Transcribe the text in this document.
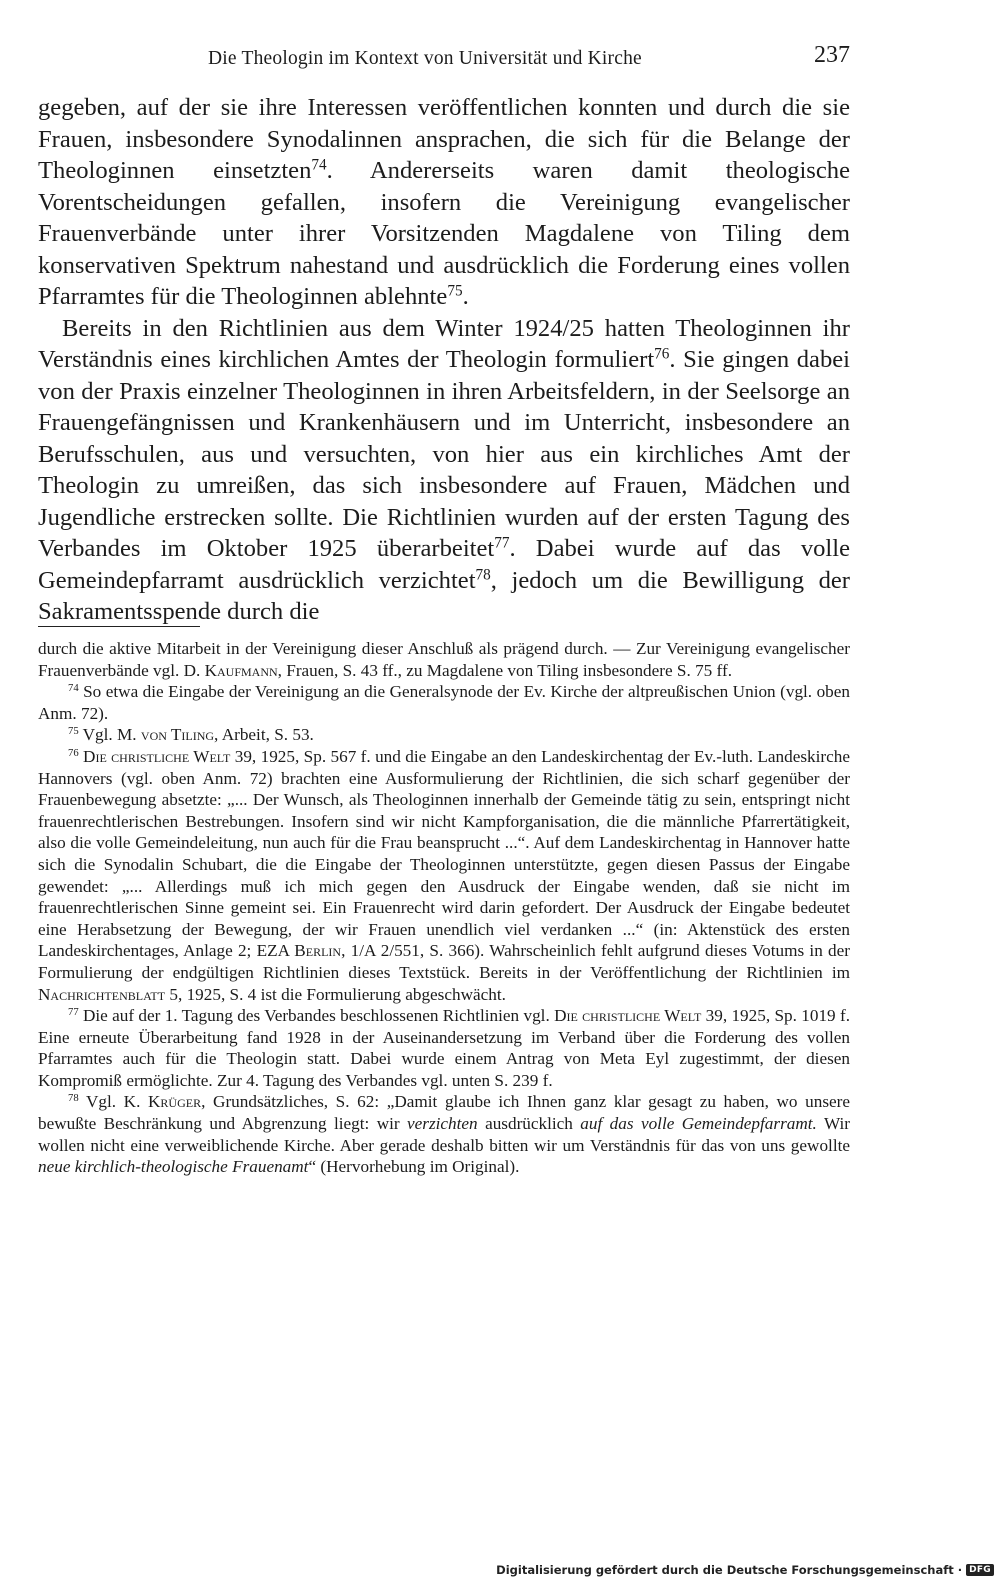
Die Theologin im Kontext von Universität und Kirche	237

gegeben, auf der sie ihre Interessen veröffentlichen konnten und durch die sie Frauen, insbesondere Synodalinnen ansprachen, die sich für die Belange der Theologinnen einsetzten$^{74}$. Andererseits waren damit theologische Vorentscheidungen gefallen, insofern die Vereinigung evangelischer Frauenverbände unter ihrer Vorsitzenden Magdalene von Tiling dem konservativen Spektrum nahestand und ausdrücklich die Forderung eines vollen Pfarramtes für die Theologinnen ablehnte$^{75}$.

Bereits in den Richtlinien aus dem Winter 1924/25 hatten Theologinnen ihr Verständnis eines kirchlichen Amtes der Theologin formuliert$^{76}$. Sie gingen dabei von der Praxis einzelner Theologinnen in ihren Arbeitsfeldern, in der Seelsorge an Frauengefängnissen und Krankenhäusern und im Unterricht, insbesondere an Berufsschulen, aus und versuchten, von hier aus ein kirchliches Amt der Theologin zu umreißen, das sich insbesondere auf Frauen, Mädchen und Jugendliche erstrecken sollte. Die Richtlinien wurden auf der ersten Tagung des Verbandes im Oktober 1925 überarbeitet$^{77}$. Dabei wurde auf das volle Gemeindepfarramt ausdrücklich verzichtet$^{78}$, jedoch um die Bewilligung der Sakramentsspende durch die

durch die aktive Mitarbeit in der Vereinigung dieser Anschluß als prägend durch. — Zur Vereinigung evangelischer Frauenverbände vgl. D. Kaufmann, Frauen, S. 43 ff., zu Magdalene von Tiling insbesondere S. 75 ff.

$^{74}$ So etwa die Eingabe der Vereinigung an die Generalsynode der Ev. Kirche der altpreußischen Union (vgl. oben Anm. 72).

$^{75}$ Vgl. M. von Tiling, Arbeit, S. 53.

$^{76}$ Die christliche Welt 39, 1925, Sp. 567 f. und die Eingabe an den Landeskirchentag der Ev.-luth. Landeskirche Hannovers (vgl. oben Anm. 72) brachten eine Ausformulierung der Richtlinien, die sich scharf gegenüber der Frauenbewegung absetzte: „... Der Wunsch, als Theologinnen innerhalb der Gemeinde tätig zu sein, entspringt nicht frauenrechtlerischen Bestrebungen. Insofern sind wir nicht Kampforganisation, die die männliche Pfarrertätigkeit, also die volle Gemeindeleitung, nun auch für die Frau beansprucht ...“. Auf dem Landeskirchentag in Hannover hatte sich die Synodalin Schubart, die die Eingabe der Theologinnen unterstützte, gegen diesen Passus der Eingabe gewendet: „... Allerdings muß ich mich gegen den Ausdruck der Eingabe wenden, daß sie nicht im frauenrechtlerischen Sinne gemeint sei. Ein Frauenrecht wird darin gefordert. Der Ausdruck der Eingabe bedeutet eine Herabsetzung der Bewegung, der wir Frauen unendlich viel verdanken ...“ (in: Aktenstück des ersten Landeskirchentages, Anlage 2; EZA Berlin, 1/A 2/551, S. 366). Wahrscheinlich fehlt aufgrund dieses Votums in der Formulierung der endgültigen Richtlinien dieses Textstück. Bereits in der Veröffentlichung der Richtlinien im Nachrichtenblatt 5, 1925, S. 4 ist die Formulierung abgeschwächt.

$^{77}$ Die auf der 1. Tagung des Verbandes beschlossenen Richtlinien vgl. Die christliche Welt 39, 1925, Sp. 1019 f. Eine erneute Überarbeitung fand 1928 in der Auseinandersetzung im Verband über die Forderung des vollen Pfarramtes auch für die Theologin statt. Dabei wurde einem Antrag von Meta Eyl zugestimmt, der diesen Kompromiß ermöglichte. Zur 4. Tagung des Verbandes vgl. unten S. 239 f.

$^{78}$ Vgl. K. Krüger, Grundsätzliches, S. 62: „Damit glaube ich Ihnen ganz klar gesagt zu haben, wo unsere bewußte Beschränkung und Abgrenzung liegt: wir verzichten ausdrücklich auf das volle Gemeindepfarramt. Wir wollen nicht eine verweiblichende Kirche. Aber gerade deshalb bitten wir um Verständnis für das von uns gewollte neue kirchlich-theologische Frauenamt“ (Hervorhebung im Original).

Digitalisierung gefördert durch die Deutsche Forschungsgemeinschaft · DFG
